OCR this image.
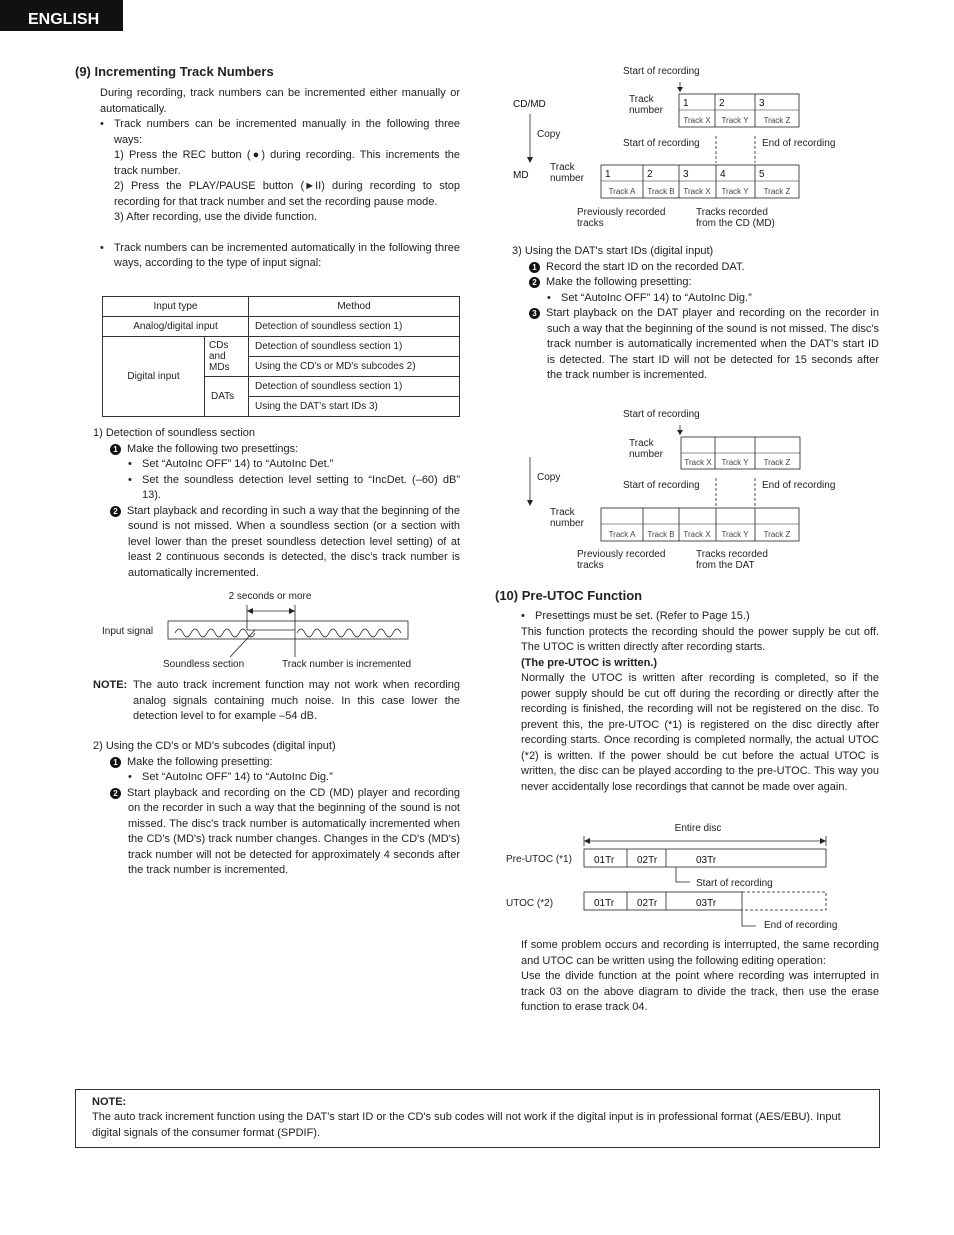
ENGLISH
(9) Incrementing Track Numbers

During recording, track numbers can be incremented either manually or automatically.

• Track numbers can be incremented manually in the following three ways:

1) Press the REC button (●) during recording. This increments the track number.

2) Press the PLAY/PAUSE button (►II) during recording to stop recording for that track number and set the recording pause mode.

3) After recording, use the divide function.

• Track numbers can be incremented automatically in the following three ways, according to the type of input signal:

Input type		Method
Analog/digital input		Detection of soundless section 1)
Digital input	CDs and MDs	Detection of soundless section 1)
		Using the CD's or MD's subcodes 2)
	DATs	Detection of soundless section 1)
		Using the DAT's start IDs 3)

1) Detection of soundless section

1 Make the following two presettings:

• Set “AutoInc OFF” 14) to “AutoInc Det.”

• Set the soundless detection level setting to “IncDet. (–60) dB” 13).

2 Start playback and recording in such a way that the beginning of the sound is not missed. When a soundless section (or a section with level lower than the preset soundless detection level setting) of at least 2 continuous seconds is detected, the disc's track number is automatically incremented.

2 seconds or more
Input signal
Soundless section	Track number is incremented

NOTE: The auto track increment function may not work when recording analog signals containing much noise. In this case lower the detection level to for example –54 dB.

2) Using the CD's or MD's subcodes (digital input)

1 Make the following presetting:

• Set “AutoInc OFF” 14) to “AutoInc Dig.”

2 Start playback and recording on the CD (MD) player and recording on the recorder in such a way that the beginning of the sound is not missed. The disc's track number is automatically incremented when the CD's (MD's) track number changes. Changes in the CD's (MD's) track number will not be detected for approximately 4 seconds after the track number is incremented.

Start of recording
CD/MD	Track
number
1	2	3
Track X Track Y Track Z
Copy
Start of recording	End of recording
MD
Track
number 1	2	3	4	5
Track A Track B Track X Track Y Track Z
Previously recorded
tracks
Tracks recorded
from the CD (MD)

3) Using the DAT's start IDs (digital input)

1 Record the start ID on the recorded DAT.

2 Make the following presetting:

• Set “AutoInc OFF” 14) to “AutoInc Dig.”

3 Start playback on the DAT player and recording on the recorder in such a way that the beginning of the sound is not missed. The disc's track number is automatically incremented when the DAT's start ID is detected. The start ID will not be detected for 15 seconds after the track number is incremented.

Start of recording
Track
number
Track X Track Y Track Z
Copy
Start of recording	End of recording
Track
number
Track A Track B Track X Track Y Track Z
Previously recorded
tracks
Tracks recorded
from the DAT
(10) Pre-UTOC Function

• Presettings must be set. (Refer to Page 15.)

This function protects the recording should the power supply be cut off. The UTOC is written directly after recording starts.

(The pre-UTOC is written.)

Normally the UTOC is written after recording is completed, so if the power supply should be cut off during the recording or directly after the recording is finished, the recording will not be registered on the disc. To prevent this, the pre-UTOC (*1) is registered on the disc directly after recording starts. Once recording is completed normally, the actual UTOC (*2) is written. If the power should be cut before the actual UTOC is written, the disc can be played according to the pre-UTOC. This way you never accidentally lose recordings that cannot be made over again.

Entire disc
Pre-UTOC (*1) 01Tr 02Tr	03Tr
Start of recording
UTOC (*2)	01Tr 02Tr	03Tr
End of recording

If some problem occurs and recording is interrupted, the same recording and UTOC can be written using the following editing operation:

Use the divide function at the point where recording was interrupted in track 03 on the above diagram to divide the track, then use the erase function to erase track 04.

NOTE:

The auto track increment function using the DAT's start ID or the CD's sub codes will not work if the digital input is in professional format (AES/EBU). Input digital signals of the consumer format (SPDIF).
